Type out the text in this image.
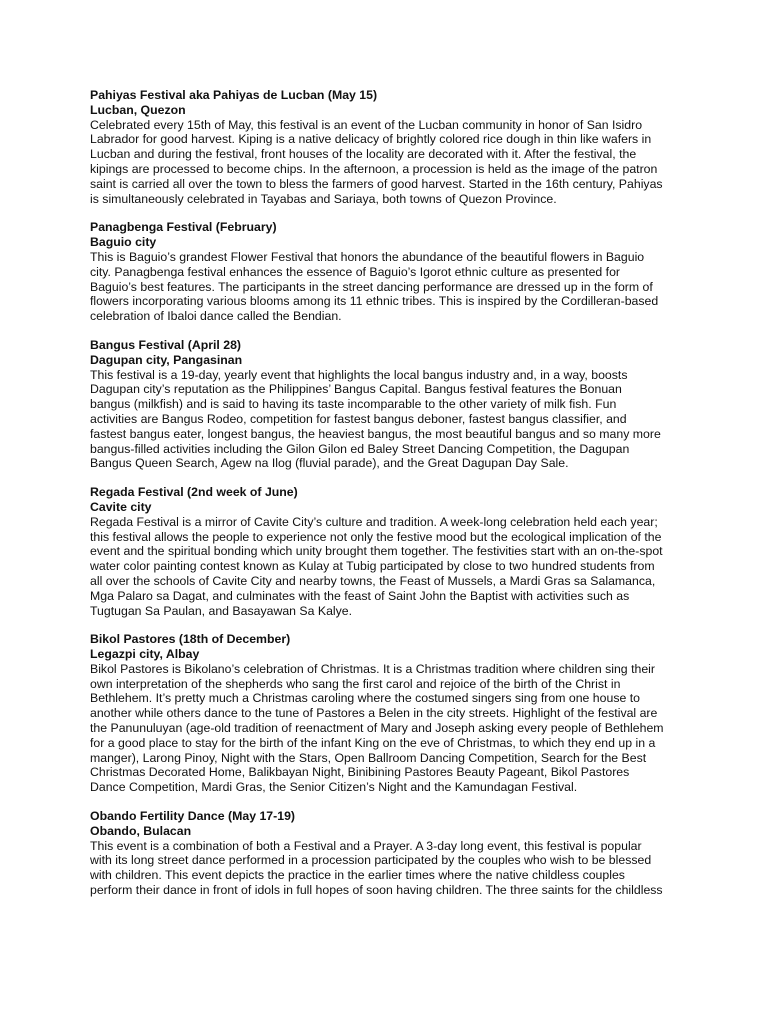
Pahiyas Festival aka Pahiyas de Lucban (May 15)
Lucban, Quezon

Celebrated every 15th of May, this festival is an event of the Lucban community in honor of San Isidro
Labrador for good harvest. Kiping is a native delicacy of brightly colored rice dough in thin like wafers in
Lucban and during the festival, front houses of the locality are decorated with it. After the festival, the
kipings are processed to become chips. In the afternoon, a procession is held as the image of the patron
saint is carried all over the town to bless the farmers of good harvest. Started in the 16th century, Pahiyas
is simultaneously celebrated in Tayabas and Sariaya, both towns of Quezon Province.

Panagbenga Festival (February)
Baguio city

This is Baguio’s grandest Flower Festival that honors the abundance of the beautiful flowers in Baguio
city. Panagbenga festival enhances the essence of Baguio’s Igorot ethnic culture as presented for
Baguio’s best features. The participants in the street dancing performance are dressed up in the form of
flowers incorporating various blooms among its 11 ethnic tribes. This is inspired by the Cordilleran-based
celebration of Ibaloi dance called the Bendian.

Bangus Festival (April 28)
Dagupan city, Pangasinan

This festival is a 19-day, yearly event that highlights the local bangus industry and, in a way, boosts
Dagupan city’s reputation as the Philippines’ Bangus Capital. Bangus festival features the Bonuan
bangus (milkfish) and is said to having its taste incomparable to the other variety of milk fish. Fun
activities are Bangus Rodeo, competition for fastest bangus deboner, fastest bangus classifier, and
fastest bangus eater, longest bangus, the heaviest bangus, the most beautiful bangus and so many more
bangus-filled activities including the Gilon Gilon ed Baley Street Dancing Competition, the Dagupan
Bangus Queen Search, Agew na Ilog (fluvial parade), and the Great Dagupan Day Sale.

Regada Festival (2nd week of June)
Cavite city

Regada Festival is a mirror of Cavite City’s culture and tradition. A week-long celebration held each year;
this festival allows the people to experience not only the festive mood but the ecological implication of the
event and the spiritual bonding which unity brought them together. The festivities start with an on-the-spot
water color painting contest known as Kulay at Tubig participated by close to two hundred students from
all over the schools of Cavite City and nearby towns, the Feast of Mussels, a Mardi Gras sa Salamanca,
Mga Palaro sa Dagat, and culminates with the feast of Saint John the Baptist with activities such as
Tugtugan Sa Paulan, and Basayawan Sa Kalye.

Bikol Pastores (18th of December)
Legazpi city, Albay

Bikol Pastores is Bikolano’s celebration of Christmas. It is a Christmas tradition where children sing their
own interpretation of the shepherds who sang the first carol and rejoice of the birth of the Christ in
Bethlehem. It’s pretty much a Christmas caroling where the costumed singers sing from one house to
another while others dance to the tune of Pastores a Belen in the city streets. Highlight of the festival are
the Panunuluyan (age-old tradition of reenactment of Mary and Joseph asking every people of Bethlehem
for a good place to stay for the birth of the infant King on the eve of Christmas, to which they end up in a
manger), Larong Pinoy, Night with the Stars, Open Ballroom Dancing Competition, Search for the Best
Christmas Decorated Home, Balikbayan Night, Binibining Pastores Beauty Pageant, Bikol Pastores
Dance Competition, Mardi Gras, the Senior Citizen’s Night and the Kamundagan Festival.

Obando Fertility Dance (May 17-19)
Obando, Bulacan

This event is a combination of both a Festival and a Prayer. A 3-day long event, this festival is popular
with its long street dance performed in a procession participated by the couples who wish to be blessed
with children. This event depicts the practice in the earlier times where the native childless couples
perform their dance in front of idols in full hopes of soon having children. The three saints for the childless
